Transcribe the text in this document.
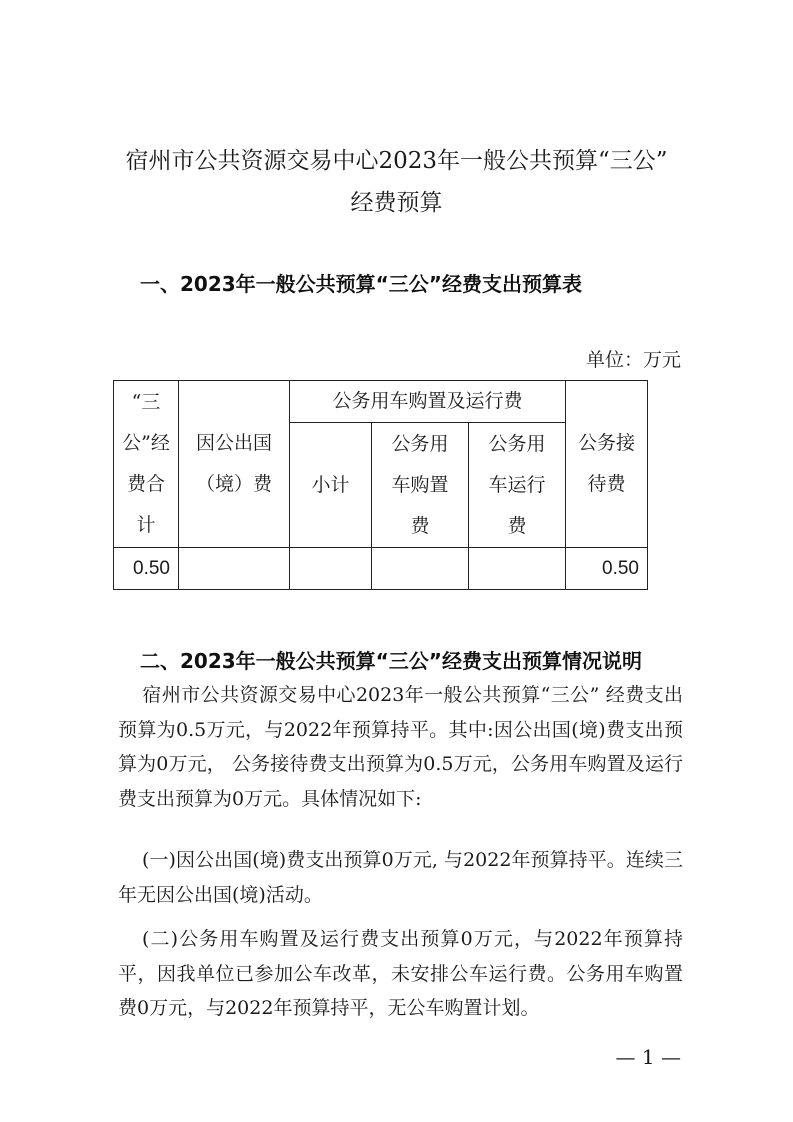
宿州市公共资源交易中心2023年一般公共预算“三公”
经费预算
一、2023年一般公共预算“三公”经费支出预算表
单位：万元
“三公”经费合计	因公出国（境）费	公务用车购置及运行费			公务接待费
		小计	公务用车购置费	公务用车运行费	
0.50					0.50
二、2023年一般公共预算“三公”经费支出预算情况说明
宿州市公共资源交易中心2023年一般公共预算“三公” 经费支出预算为0.5万元，与2022年预算持平。其中:因公出国(境)费支出预算为0万元， 公务接待费支出预算为0.5万元，公务用车购置及运行费支出预算为0万元。具体情况如下:
(一)因公出国(境)费支出预算0万元, 与2022年预算持平。连续三年无因公出国(境)活动。
(二)公务用车购置及运行费支出预算0万元，与2022年预算持平，因我单位已参加公车改革，未安排公车运行费。公务用车购置费0万元，与2022年预算持平，无公车购置计划。
— 1 —
